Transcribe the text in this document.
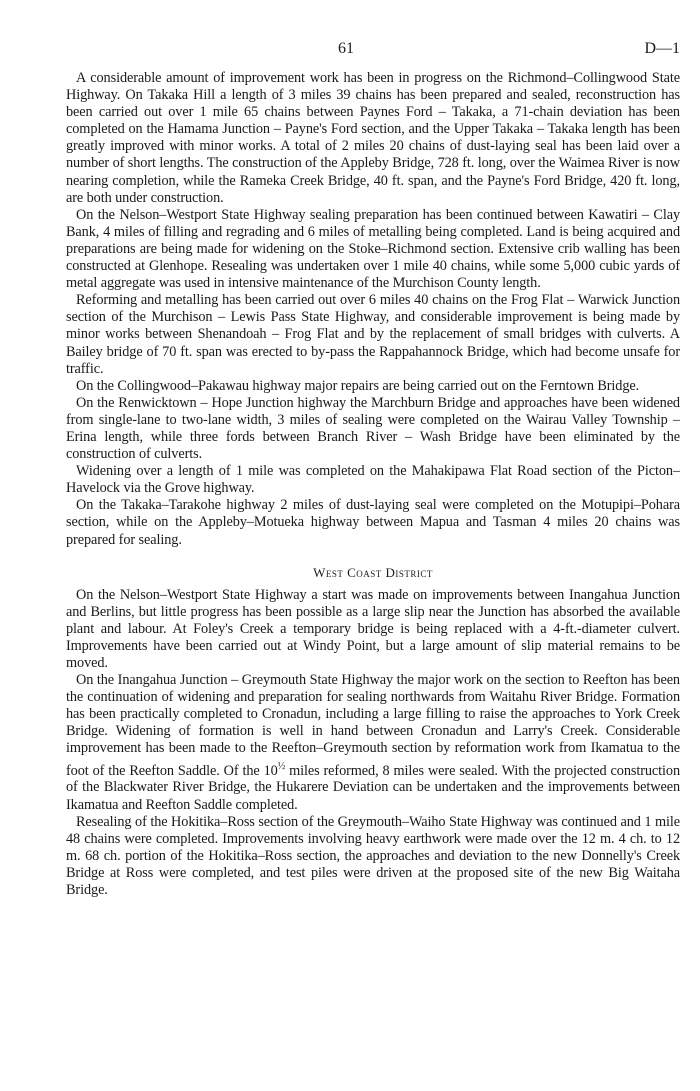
61	D—1

A considerable amount of improvement work has been in progress on the Richmond–Collingwood State Highway. On Takaka Hill a length of 3 miles 39 chains has been prepared and sealed, reconstruction has been carried out over 1 mile 65 chains between Paynes Ford – Takaka, a 71-chain deviation has been completed on the Hamama Junction – Payne's Ford section, and the Upper Takaka – Takaka length has been greatly improved with minor works. A total of 2 miles 20 chains of dust-laying seal has been laid over a number of short lengths. The construction of the Appleby Bridge, 728 ft. long, over the Waimea River is now nearing completion, while the Rameka Creek Bridge, 40 ft. span, and the Payne's Ford Bridge, 420 ft. long, are both under construction.

On the Nelson–Westport State Highway sealing preparation has been continued between Kawatiri – Clay Bank, 4 miles of filling and regrading and 6 miles of metalling being completed. Land is being acquired and preparations are being made for widening on the Stoke–Richmond section. Extensive crib walling has been constructed at Glenhope. Resealing was undertaken over 1 mile 40 chains, while some 5,000 cubic yards of metal aggregate was used in intensive maintenance of the Murchison County length.

Reforming and metalling has been carried out over 6 miles 40 chains on the Frog Flat – Warwick Junction section of the Murchison – Lewis Pass State Highway, and considerable improvement is being made by minor works between Shenandoah – Frog Flat and by the replacement of small bridges with culverts. A Bailey bridge of 70 ft. span was erected to by-pass the Rappahannock Bridge, which had become unsafe for traffic.

On the Collingwood–Pakawau highway major repairs are being carried out on the Ferntown Bridge.

On the Renwicktown – Hope Junction highway the Marchburn Bridge and approaches have been widened from single-lane to two-lane width, 3 miles of sealing were completed on the Wairau Valley Township – Erina length, while three fords between Branch River – Wash Bridge have been eliminated by the construction of culverts.

Widening over a length of 1 mile was completed on the Mahakipawa Flat Road section of the Picton–Havelock via the Grove highway.

On the Takaka–Tarakohe highway 2 miles of dust-laying seal were completed on the Motupipi–Pohara section, while on the Appleby–Motueka highway between Mapua and Tasman 4 miles 20 chains was prepared for sealing.

West Coast District

On the Nelson–Westport State Highway a start was made on improvements between Inangahua Junction and Berlins, but little progress has been possible as a large slip near the Junction has absorbed the available plant and labour. At Foley's Creek a temporary bridge is being replaced with a 4-ft.-diameter culvert. Improvements have been carried out at Windy Point, but a large amount of slip material remains to be moved.

On the Inangahua Junction – Greymouth State Highway the major work on the section to Reefton has been the continuation of widening and preparation for sealing northwards from Waitahu River Bridge. Formation has been practically completed to Cronadun, including a large filling to raise the approaches to York Creek Bridge. Widening of formation is well in hand between Cronadun and Larry's Creek. Considerable improvement has been made to the Reefton–Greymouth section by reformation work from Ikamatua to the foot of the Reefton Saddle. Of the $10^{\frac{1}{2}}$ miles reformed, 8 miles were sealed. With the projected construction of the Blackwater River Bridge, the Hukarere Deviation can be undertaken and the improvements between Ikamatua and Reefton Saddle completed.

Resealing of the Hokitika–Ross section of the Greymouth–Waiho State Highway was continued and 1 mile 48 chains were completed. Improvements involving heavy earthwork were made over the 12 m. 4 ch. to 12 m. 68 ch. portion of the Hokitika–Ross section, the approaches and deviation to the new Donnelly's Creek Bridge at Ross were completed, and test piles were driven at the proposed site of the new Big Waitaha Bridge.
